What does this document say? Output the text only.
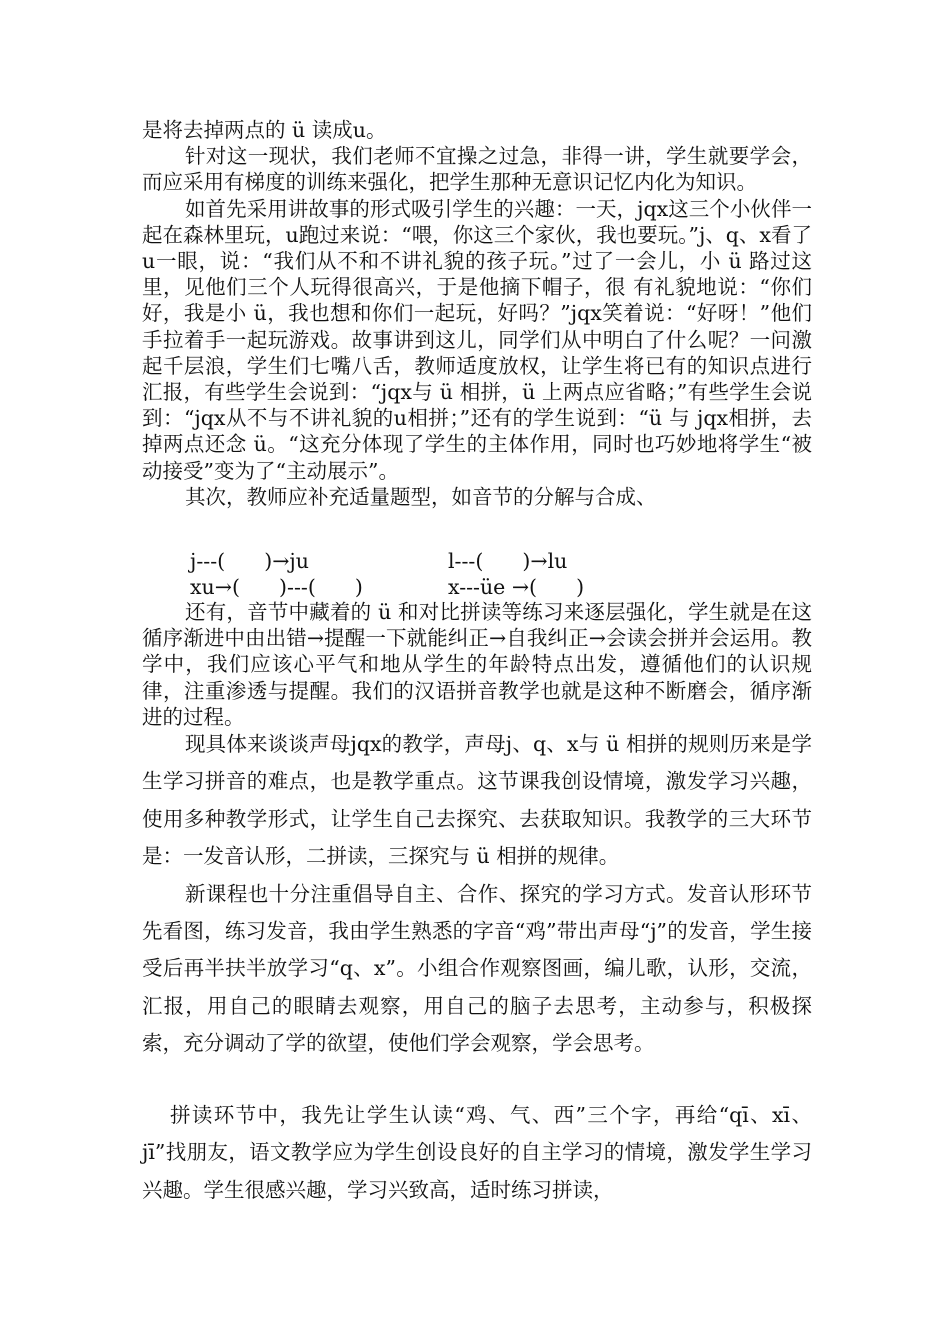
是将去掉两点的 ü 读成u。

针对这一现状，我们老师不宜操之过急，非得一讲，学生就要学会，而应采用有梯度的训练来强化，把学生那种无意识记忆内化为知识。

如首先采用讲故事的形式吸引学生的兴趣：一天，jqx这三个小伙伴一起在森林里玩，u跑过来说：“喂，你这三个家伙，我也要玩。”j、q、x看了u一眼，说：“我们从不和不讲礼貌的孩子玩。”过了一会儿，小 ü 路过这里，见他们三个人玩得很高兴，于是他摘下帽子，很 有礼貌地说：“你们好，我是小 ü，我也想和你们一起玩，好吗？”jqx笑着说：“好呀！”他们手拉着手一起玩游戏。故事讲到这儿，同学们从中明白了什么呢？一问激起千层浪，学生们七嘴八舌，教师适度放权，让学生将已有的知识点进行汇报，有些学生会说到：“jqx与 ü 相拼，ü 上两点应省略；”有些学生会说到：“jqx从不与不讲礼貌的u相拼；”还有的学生说到：“ü 与 jqx相拼，去掉两点还念 ü。“这充分体现了学生的主体作用，同时也巧妙地将学生“被动接受”变为了“主动展示”。

其次，教师应补充适量题型，如音节的分解与合成、

j---(      )→ju	l---(      )→lu
xu→(      )---(      )	x---üe →(      )

还有，音节中藏着的 ü 和对比拼读等练习来逐层强化，学生就是在这循序渐进中由出错→提醒一下就能纠正→自我纠正→会读会拼并会运用。教学中，我们应该心平气和地从学生的年龄特点出发，遵循他们的认识规律，注重渗透与提醒。我们的汉语拼音教学也就是这种不断磨会，循序渐进的过程。

现具体来谈谈声母jqx的教学，声母j、q、x与 ü 相拼的规则历来是学生学习拼音的难点，也是教学重点。这节课我创设情境，激发学习兴趣，使用多种教学形式，让学生自己去探究、去获取知识。我教学的三大环节是：一发音认形，二拼读，三探究与 ü 相拼的规律。

新课程也十分注重倡导自主、合作、探究的学习方式。发音认形环节先看图，练习发音，我由学生熟悉的字音“鸡”带出声母“j”的发音，学生接受后再半扶半放学习“q、x”。小组合作观察图画，编儿歌，认形，交流，汇报，用自己的眼睛去观察，用自己的脑子去思考，主动参与，积极探索，充分调动了学的欲望，使他们学会观察，学会思考。

拼读环节中，我先让学生认读“鸡、气、西”三个字，再给“qī、xī、jī”找朋友，语文教学应为学生创设良好的自主学习的情境，激发学生学习兴趣。学生很感兴趣，学习兴致高，适时练习拼读，
